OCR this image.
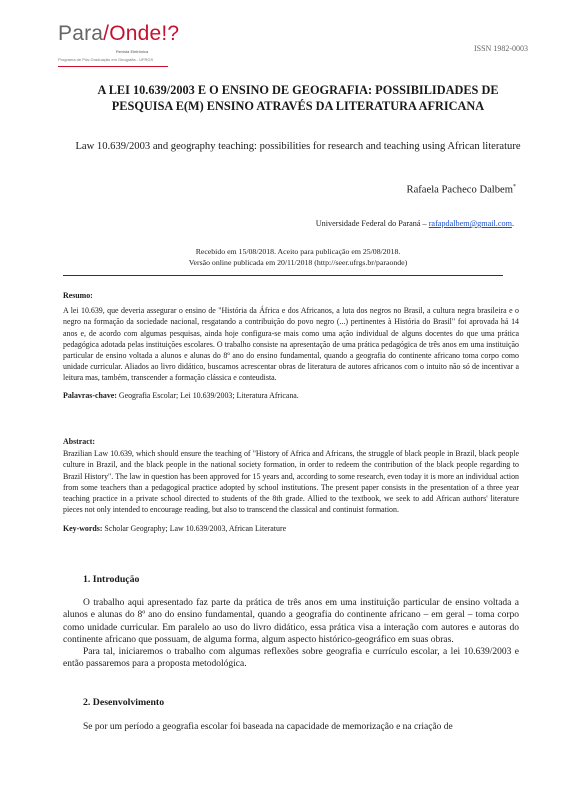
Para/Onde!?
Revista Eletrônica
Programa de Pós-Graduação em Geografia - UFRGS
ISSN 1982-0003
A LEI 10.639/2003 E O ENSINO DE GEOGRAFIA: POSSIBILIDADES DE PESQUISA E(M) ENSINO ATRAVÉS DA LITERATURA AFRICANA
Law 10.639/2003 and geography teaching: possibilities for research and teaching using African literature
Rafaela Pacheco Dalbem*
Universidade Federal do Paraná – rafapdalbem@gmail.com.
Recebido em 15/08/2018. Aceito para publicação em 25/08/2018.
Versão online publicada em 20/11/2018 (http://seer.ufrgs.br/paraonde)
Resumo:
A lei 10.639, que deveria assegurar o ensino de "História da África e dos Africanos, a luta dos negros no Brasil, a cultura negra brasileira e o negro na formação da sociedade nacional, resgatando a contribuição do povo negro (...) pertinentes à História do Brasil" foi aprovada há 14 anos e, de acordo com algumas pesquisas, ainda hoje configura-se mais como uma ação individual de alguns docentes do que uma prática pedagógica adotada pelas instituições escolares. O trabalho consiste na apresentação de uma prática pedagógica de três anos em uma instituição particular de ensino voltada a alunos e alunas do 8º ano do ensino fundamental, quando a geografia do continente africano toma corpo como unidade curricular. Aliados ao livro didático, buscamos acrescentar obras de literatura de autores africanos com o intuito não só de incentivar a leitura mas, também, transcender a formação clássica e conteudista.
Palavras-chave: Geografia Escolar; Lei 10.639/2003; Literatura Africana.
Abstract:
Brazilian Law 10.639, which should ensure the teaching of "History of Africa and Africans, the struggle of black people in Brazil, black people culture in Brazil, and the black people in the national society formation, in order to redeem the contribution of the black people regarding to Brazil History". The law in question has been approved for 15 years and, according to some research, even today it is more an individual action from some teachers than a pedagogical practice adopted by school institutions. The present paper consists in the presentation of a three year teaching practice in a private school directed to students of the 8th grade. Allied to the textbook, we seek to add African authors' literature pieces not only intended to encourage reading, but also to transcend the classical and continuist formation.
Key-words: Scholar Geography; Law 10.639/2003, African Literature
1. Introdução
O trabalho aqui apresentado faz parte da prática de três anos em uma instituição particular de ensino voltada a alunos e alunas do 8º ano do ensino fundamental, quando a geografia do continente africano – em geral – toma corpo como unidade curricular. Em paralelo ao uso do livro didático, essa prática visa a interação com autores e autoras do continente africano que possuam, de alguma forma, algum aspecto histórico-geográfico em suas obras.
Para tal, iniciaremos o trabalho com algumas reflexões sobre geografia e currículo escolar, a lei 10.639/2003 e então passaremos para a proposta metodológica.
2. Desenvolvimento
Se por um período a geografia escolar foi baseada na capacidade de memorização e na criação de
